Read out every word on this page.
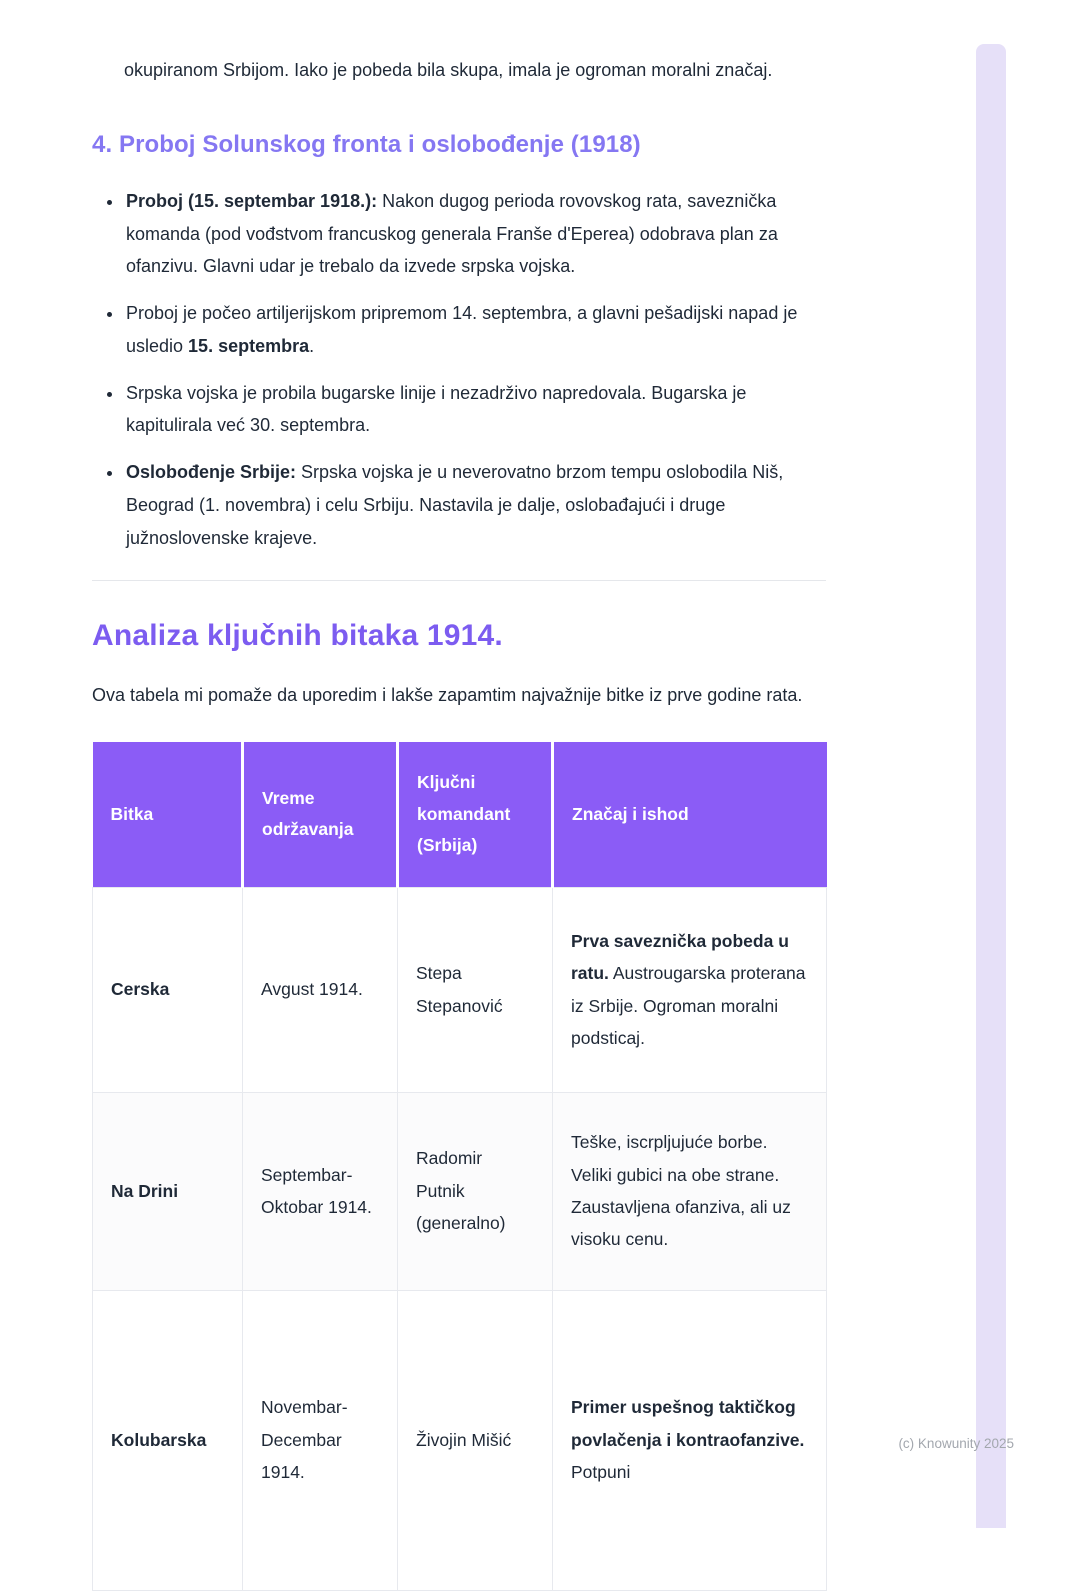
okupiranom Srbijom. Iako je pobeda bila skupa, imala je ogroman moralni značaj.

4. Proboj Solunskog fronta i oslobođenje (1918)
• Proboj (15. septembar 1918.): Nakon dugog perioda rovovskog rata, saveznička komanda (pod vođstvom francuskog generala Franše d'Eperea) odobrava plan za ofanzivu. Glavni udar je trebalo da izvede srpska vojska.
• Proboj je počeo artiljerijskom pripremom 14. septembra, a glavni pešadijski napad je usledio 15. septembra.
• Srpska vojska je probila bugarske linije i nezadrživo napredovala. Bugarska je kapitulirala već 30. septembra.
• Oslobođenje Srbije: Srpska vojska je u neverovatno brzom tempu oslobodila Niš, Beograd (1. novembra) i celu Srbiju. Nastavila je dalje, oslobađajući i druge južnoslovenske krajeve.
Analiza ključnih bitaka 1914.

Ova tabela mi pomaže da uporedim i lakše zapamtim najvažnije bitke iz prve godine rata.

Bitka	Vreme održavanja	Ključni komandant (Srbija)	Značaj i ishod
Cerska	Avgust 1914.	Stepa Stepanović	Prva saveznička pobeda u ratu. Austrougarska proterana iz Srbije. Ogroman moralni podsticaj.
Na Drini	Septembar-Oktobar 1914.	Radomir Putnik (generalno)	Teške, iscrpljujuće borbe. Veliki gubici na obe strane. Zaustavljena ofanziva, ali uz visoku cenu.
Kolubarska	Novembar-Decembar 1914.	Živojin Mišić	Primer uspešnog taktičkog povlačenja i kontraofanzive. Potpuni
(c) Knowunity 2025
